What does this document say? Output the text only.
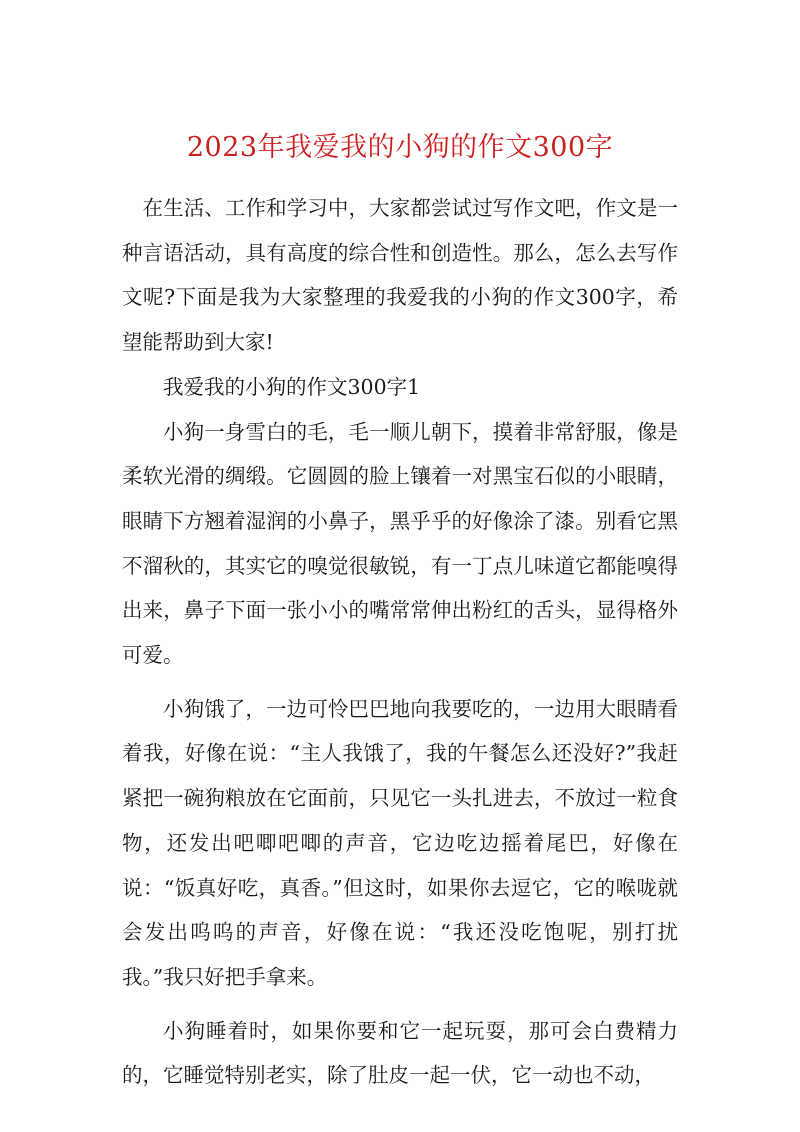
2023年我爱我的小狗的作文300字

在生活、工作和学习中，大家都尝试过写作文吧，作文是一种言语活动，具有高度的综合性和创造性。那么，怎么去写作文呢?下面是我为大家整理的我爱我的小狗的作文300字，希望能帮助到大家!

我爱我的小狗的作文300字1

小狗一身雪白的毛，毛一顺儿朝下，摸着非常舒服，像是柔软光滑的绸缎。它圆圆的脸上镶着一对黑宝石似的小眼睛，眼睛下方翘着湿润的小鼻子，黑乎乎的好像涂了漆。别看它黑不溜秋的，其实它的嗅觉很敏锐，有一丁点儿味道它都能嗅得出来，鼻子下面一张小小的嘴常常伸出粉红的舌头，显得格外可爱。

小狗饿了，一边可怜巴巴地向我要吃的，一边用大眼睛看着我，好像在说：“主人我饿了，我的午餐怎么还没好?”我赶紧把一碗狗粮放在它面前，只见它一头扎进去，不放过一粒食物，还发出吧唧吧唧的声音，它边吃边摇着尾巴，好像在说：“饭真好吃，真香。”但这时，如果你去逗它，它的喉咙就会发出呜呜的声音，好像在说：“我还没吃饱呢，别打扰我。”我只好把手拿来。

小狗睡着时，如果你要和它一起玩耍，那可会白费精力的，它睡觉特别老实，除了肚皮一起一伏，它一动也不动，
